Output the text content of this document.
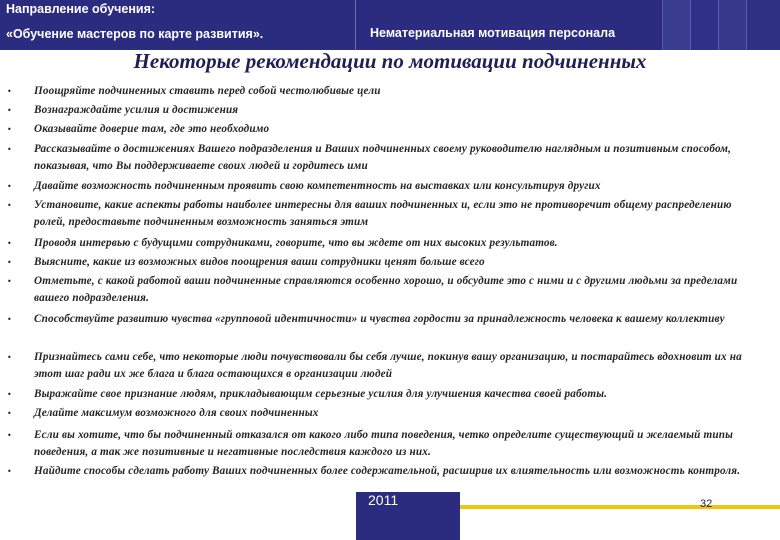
Направление обучения:
«Обучение мастеров по карте развития».	Нематериальная мотивация персонала
Некоторые рекомендации по мотивации подчиненных
• Поощряйте подчиненных ставить перед собой честолюбивые цели
• Вознаграждайте усилия и достижения
• Оказывайте доверие там, где это необходимо
• Рассказывайте о достижениях Вашего подразделения и Ваших подчиненных своему руководителю наглядным и позитивным способом, показывая, что Вы поддерживаете своих людей и гордитесь ими
• Давайте возможность подчиненным проявить свою компетентность на выставках или консультируя других
• Установите, какие аспекты работы наиболее интересны для ваших подчиненных и, если это не противоречит общему распределению ролей, предоставьте подчиненным возможность заняться этим
• Проводя интервью с будущими сотрудниками, говорите, что вы ждете от них высоких результатов.
• Выясните, какие из возможных видов поощрения ваши сотрудники ценят больше всего
• Отметьте, с какой работой ваши подчиненные справляются особенно хорошо, и обсудите это с ними и с другими людьми за пределами вашего подразделения.
• Способствуйте развитию чувства «групповой идентичности» и чувства гордости за принадлежность человека к вашему коллективу
• Признайтесь сами себе, что некоторые люди почувствовали бы себя лучше, покинув вашу организацию, и постарайтесь вдохновит их на этот шаг ради их же блага и блага остающихся в организации людей
• Выражайте свое признание людям, прикладывающим серьезные усилия для улучшения качества своей работы.
• Делайте максимум возможного для своих подчиненных
• Если вы хотите, что бы подчиненный отказался от какого либо типа поведения, четко определите существующий и желаемый типы поведения, а так же позитивные и негативные последствия каждого из них.
• Найдите способы сделать работу Ваших подчиненных более содержательной, расширив их влиятельность или возможность контроля.
2011	32
